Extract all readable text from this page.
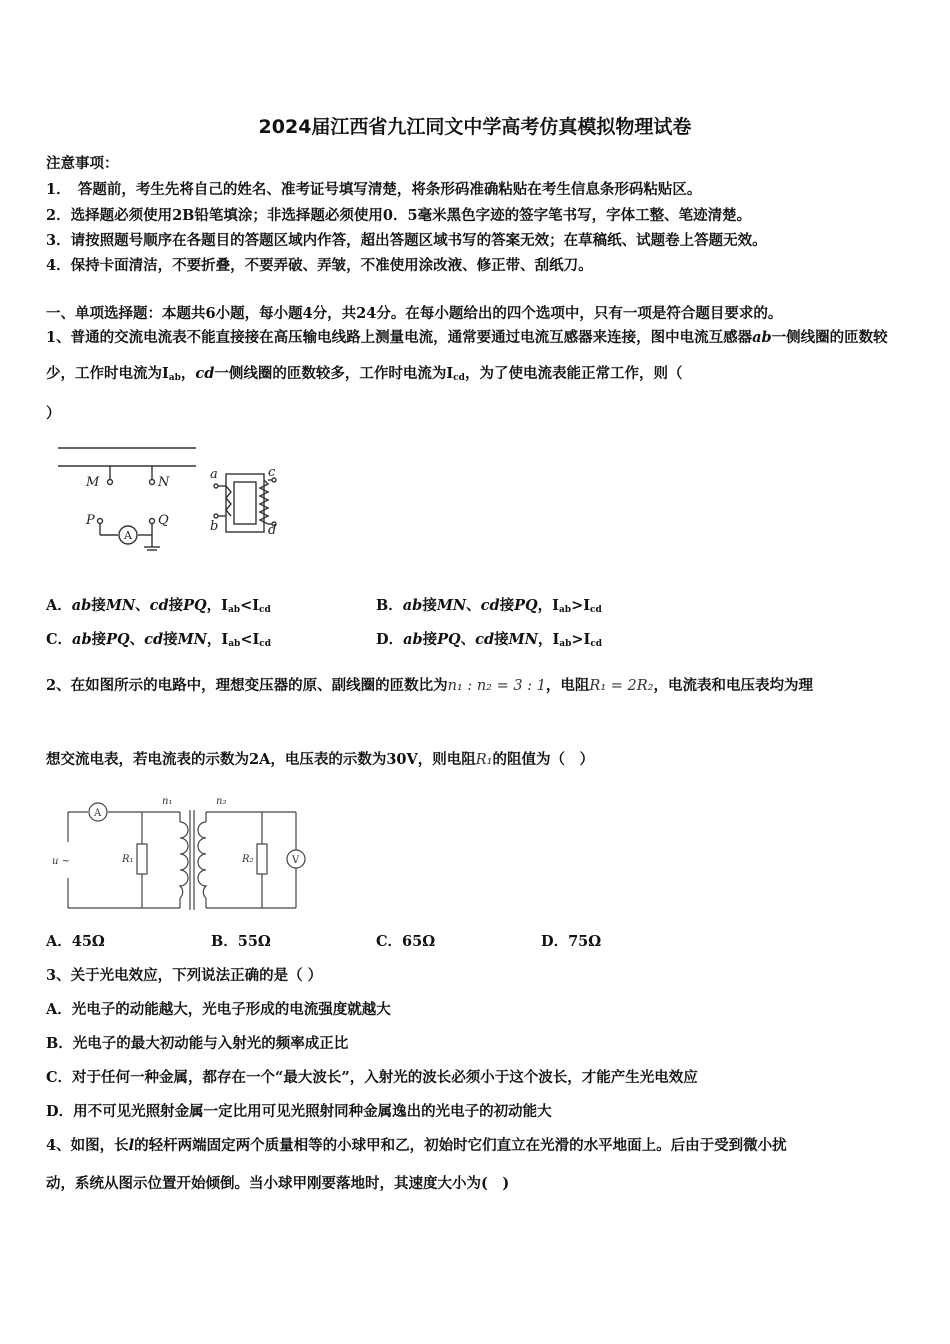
2024届江西省九江同文中学高考仿真模拟物理试卷
注意事项：
1．　答题前，考生先将自己的姓名、准考证号填写清楚，将条形码准确粘贴在考生信息条形码粘贴区。
2．选择题必须使用2B铅笔填涂；非选择题必须使用0．5毫米黑色字迹的签字笔书写，字体工整、笔迹清楚。
3．请按照题号顺序在各题目的答题区域内作答，超出答题区域书写的答案无效；在草稿纸、试题卷上答题无效。
4．保持卡面清洁，不要折叠，不要弄破、弄皱，不准使用涂改液、修正带、刮纸刀。
一、单项选择题：本题共6小题，每小题4分，共24分。在每小题给出的四个选项中，只有一项是符合题目要求的。
1、普通的交流电流表不能直接接在高压输电线路上测量电流，通常要通过电流互感器来连接，图中电流互感器ab一侧线圈的匝数较少，工作时电流为$I_{ab}$，cd一侧线圈的匝数较多，工作时电流为$I_{cd}$，为了使电流表能正常工作，则（
）
M	N
P	Q
a
b
c
d
A
A．ab接MN、cd接PQ，$I_{ab}<I_{cd}$	B．ab接MN、cd接PQ，$I_{ab}>I_{cd}$
C．ab接PQ、cd接MN，$I_{ab}<I_{cd}$	D．ab接PQ、cd接MN，$I_{ab}>I_{cd}$
2、在如图所示的电路中，理想变压器的原、副线圈的匝数比为n₁ : n₂ = 3 : 1，电阻R₁ = 2R₂，电流表和电压表均为理
想交流电表，若电流表的示数为2A，电压表的示数为30V，则电阻R₁的阻值为（　）
A
V
n₁	n₂
R₁	R₂
u ~
A．45Ω	B．55Ω	C．65Ω	D．75Ω
3、关于光电效应，下列说法正确的是（ ）
A．光电子的动能越大，光电子形成的电流强度就越大
B．光电子的最大初动能与入射光的频率成正比
C．对于任何一种金属，都存在一个“最大波长”，入射光的波长必须小于这个波长，才能产生光电效应
D．用不可见光照射金属一定比用可见光照射同种金属逸出的光电子的初动能大
4、如图，长l的轻杆两端固定两个质量相等的小球甲和乙，初始时它们直立在光滑的水平地面上。后由于受到微小扰
动，系统从图示位置开始倾倒。当小球甲刚要落地时，其速度大小为(　)
